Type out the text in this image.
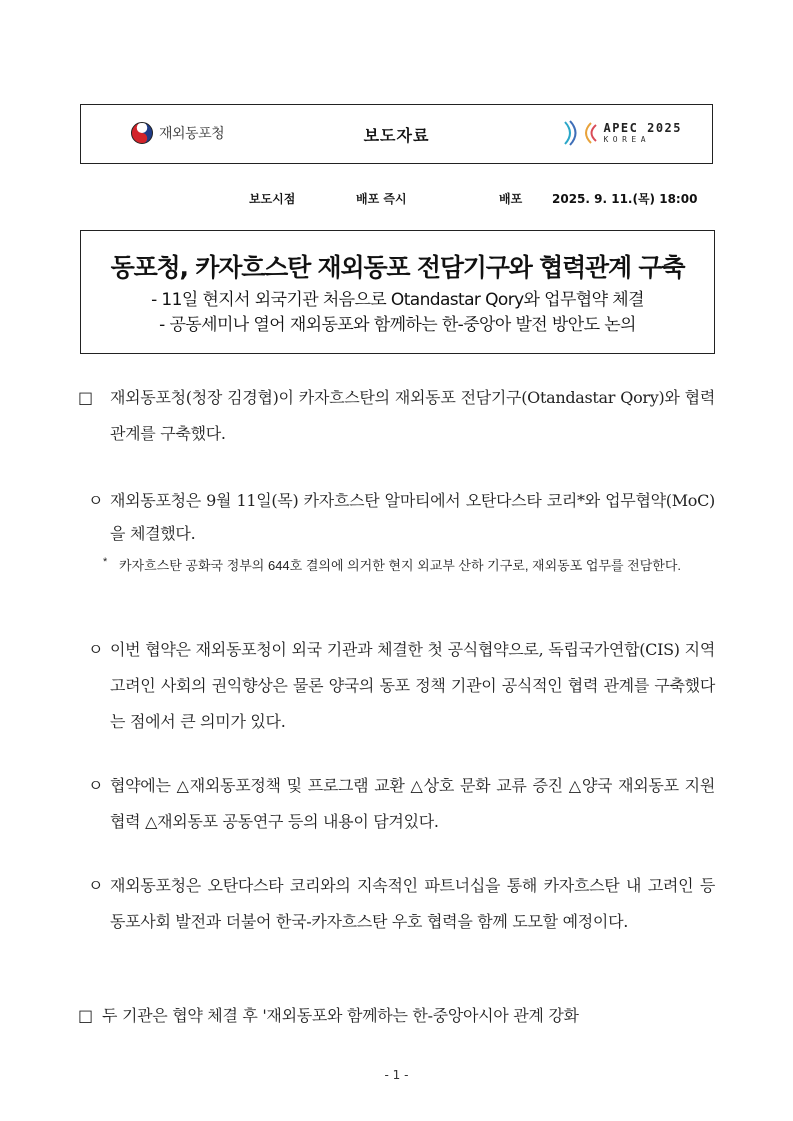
재외동포청	보도자료	APEC 2025
KOREA
보도시점	배포 즉시	배포 2025. 9. 11.(목) 18:00
동포청, 카자흐스탄 재외동포 전담기구와 협력관계 구축
- 11일 현지서 외국기관 처음으로 Otandastar Qory와 업무협약 체결
- 공동세미나 열어 재외동포와 함께하는 한-중앙아 발전 방안도 논의
□ 재외동포청(청장 김경협)이 카자흐스탄의 재외동포 전담기구(Otandastar Qory)와 협력관계를 구축했다.
ㅇ 재외동포청은 9월 11일(목) 카자흐스탄 알마티에서 오탄다스타 코리*와 업무협약(MoC)을 체결했다.
* 카자흐스탄 공화국 정부의 644호 결의에 의거한 현지 외교부 산하 기구로, 재외동포 업무를 전담한다.
ㅇ 이번 협약은 재외동포청이 외국 기관과 체결한 첫 공식협약으로, 독립국가연합(CIS) 지역 고려인 사회의 권익향상은 물론 양국의 동포 정책 기관이 공식적인 협력 관계를 구축했다는 점에서 큰 의미가 있다.
ㅇ 협약에는 △재외동포정책 및 프로그램 교환 △상호 문화 교류 증진 △양국 재외동포 지원 협력 △재외동포 공동연구 등의 내용이 담겨있다.
ㅇ 재외동포청은 오탄다스타 코리와의 지속적인 파트너십을 통해 카자흐스탄 내 고려인 등 동포사회 발전과 더불어 한국-카자흐스탄 우호 협력을 함께 도모할 예정이다.
□ 두 기관은 협약 체결 후 '재외동포와 함께하는 한-중앙아시아 관계 강화
- 1 -
